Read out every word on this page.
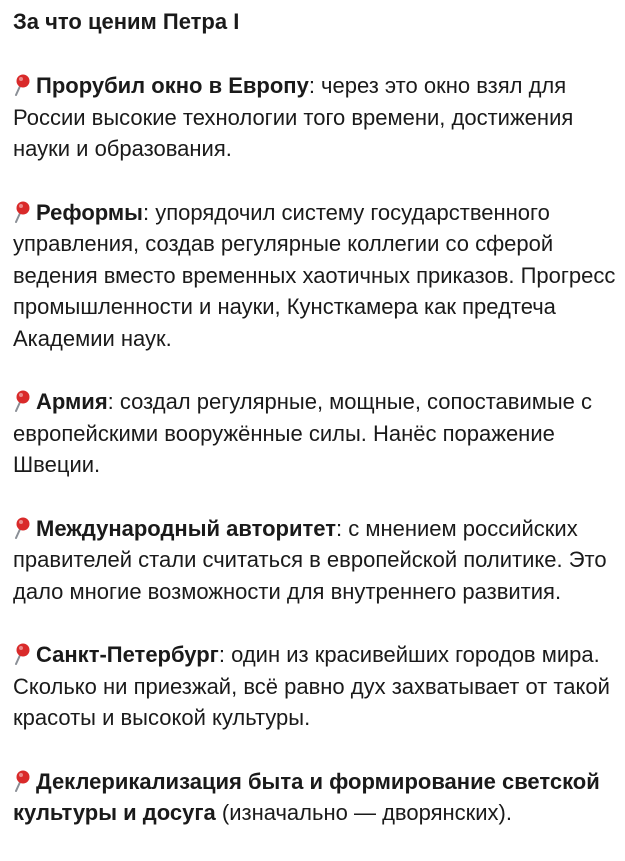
За что ценим Петра I
Прорубил окно в Европу: через это окно взял для России высокие технологии того времени, достижения науки и образования.
Реформы: упорядочил систему государственного управления, создав регулярные коллегии со сферой ведения вместо временных хаотичных приказов. Прогресс промышленности и науки, Кунсткамера как предтеча Академии наук.
Армия: создал регулярные, мощные, сопоставимые с европейскими вооружённые силы. Нанёс поражение Швеции.
Международный авторитет: с мнением российских правителей стали считаться в европейской политике. Это дало многие возможности для внутреннего развития.
Санкт-Петербург: один из красивейших городов мира. Сколько ни приезжай, всё равно дух захватывает от такой красоты и высокой культуры.
Деклерикализация быта и формирование светской культуры и досуга (изначально — дворянских).
